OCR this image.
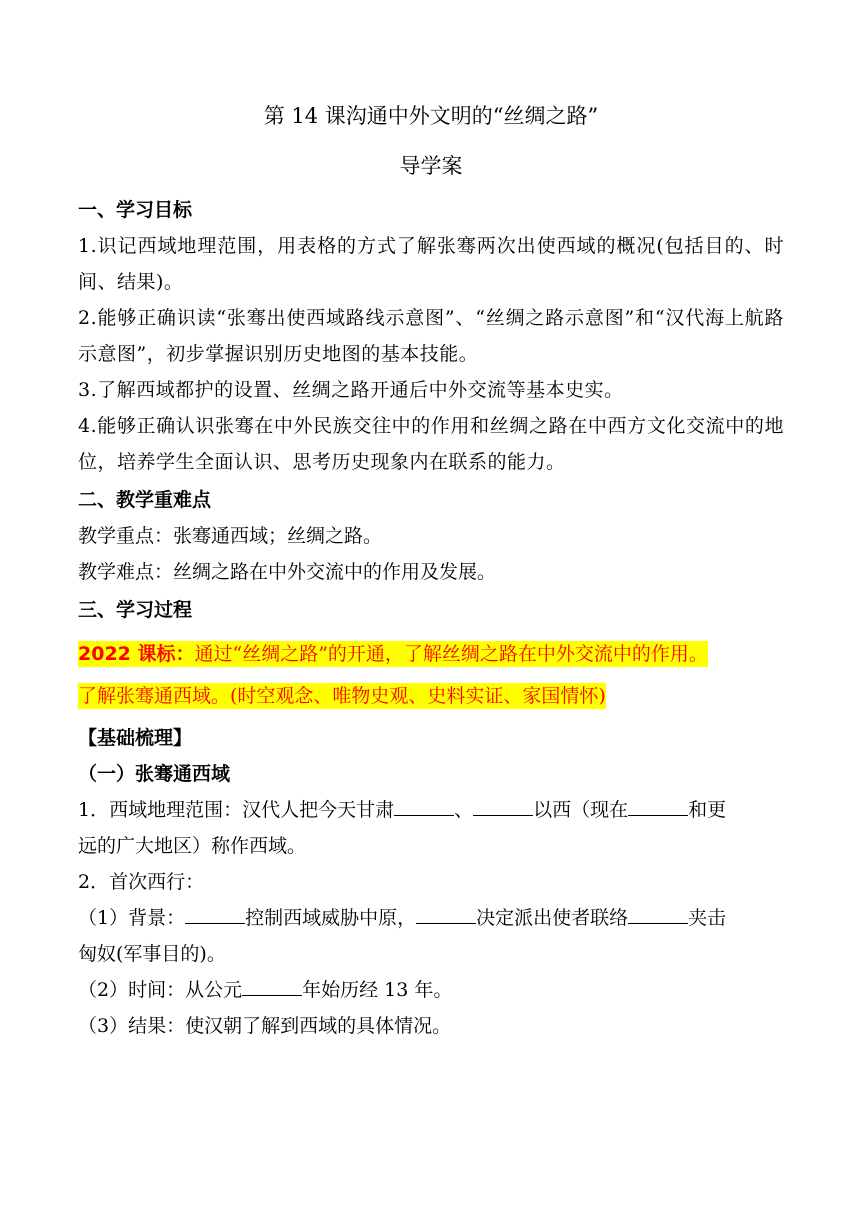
第 14 课沟通中外文明的“丝绸之路”
导学案
一、学习目标
1.识记西域地理范围，用表格的方式了解张骞两次出使西域的概况(包括目的、时间、结果)。
2.能够正确识读“张骞出使西域路线示意图”、“丝绸之路示意图”和“汉代海上航路示意图”，初步掌握识别历史地图的基本技能。
3.了解西域都护的设置、丝绸之路开通后中外交流等基本史实。
4.能够正确认识张骞在中外民族交往中的作用和丝绸之路在中西方文化交流中的地位，培养学生全面认识、思考历史现象内在联系的能力。
二、教学重难点
教学重点：张骞通西域；丝绸之路。
教学难点：丝绸之路在中外交流中的作用及发展。
三、学习过程
2022 课标：通过“丝绸之路”的开通，了解丝绸之路在中外交流中的作用。
了解张骞通西域。(时空观念、唯物史观、史料实证、家国情怀)
【基础梳理】
（一）张骞通西域
1．西域地理范围：汉代人把今天甘肃	、	以西（现在	和更
远的广大地区）称作西域。
2．首次西行：
（1）背景：	控制西域威胁中原，	决定派出使者联络	夹击
匈奴(军事目的)。
（2）时间：从公元	年始历经 13 年。
（3）结果：使汉朝了解到西域的具体情况。
